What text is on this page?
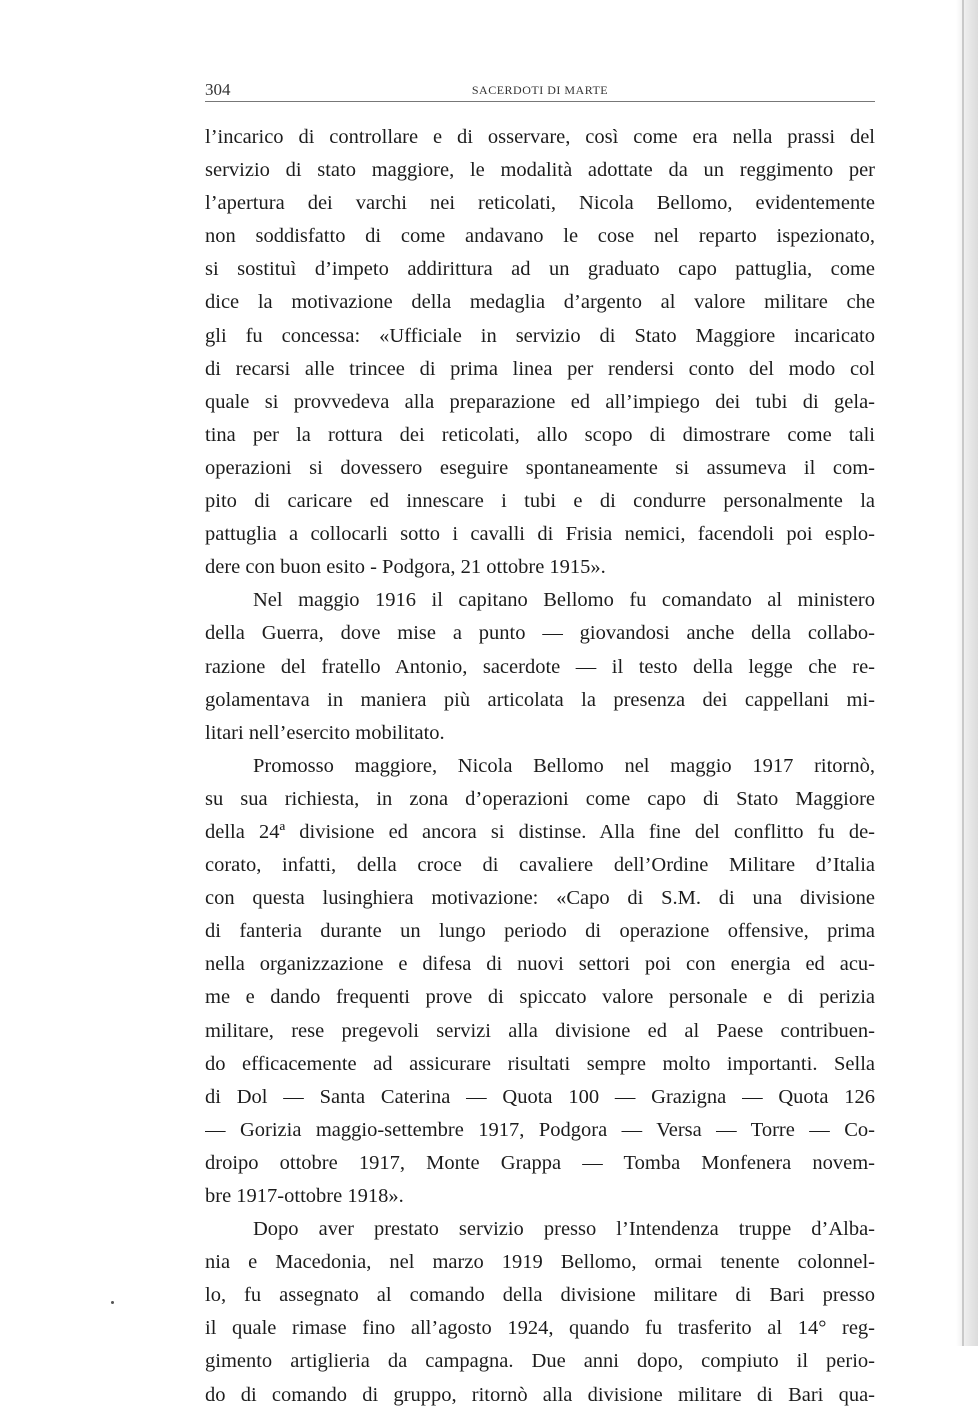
304	SACERDOTI DI MARTE
l’incarico di controllare e di osservare, così come era nella prassi del
servizio di stato maggiore, le modalità adottate da un reggimento per
l’apertura dei varchi nei reticolati, Nicola Bellomo, evidentemente
non soddisfatto di come andavano le cose nel reparto ispezionato,
si sostituì d’impeto addirittura ad un graduato capo pattuglia, come
dice la motivazione della medaglia d’argento al valore militare che
gli fu concessa: «Ufficiale in servizio di Stato Maggiore incaricato
di recarsi alle trincee di prima linea per rendersi conto del modo col
quale si provvedeva alla preparazione ed all’impiego dei tubi di gela-
tina per la rottura dei reticolati, allo scopo di dimostrare come tali
operazioni si dovessero eseguire spontaneamente si assumeva il com-
pito di caricare ed innescare i tubi e di condurre personalmente la
pattuglia a collocarli sotto i cavalli di Frisia nemici, facendoli poi esplo-
dere con buon esito - Podgora, 21 ottobre 1915».
Nel maggio 1916 il capitano Bellomo fu comandato al ministero
della Guerra, dove mise a punto — giovandosi anche della collabo-
razione del fratello Antonio, sacerdote — il testo della legge che re-
golamentava in maniera più articolata la presenza dei cappellani mi-
litari nell’esercito mobilitato.
Promosso maggiore, Nicola Bellomo nel maggio 1917 ritornò,
su sua richiesta, in zona d’operazioni come capo di Stato Maggiore
della 24ª divisione ed ancora si distinse. Alla fine del conflitto fu de-
corato, infatti, della croce di cavaliere dell’Ordine Militare d’Italia
con questa lusinghiera motivazione: «Capo di S.M. di una divisione
di fanteria durante un lungo periodo di operazione offensive, prima
nella organizzazione e difesa di nuovi settori poi con energia ed acu-
me e dando frequenti prove di spiccato valore personale e di perizia
militare, rese pregevoli servizi alla divisione ed al Paese contribuen-
do efficacemente ad assicurare risultati sempre molto importanti. Sella
di Dol — Santa Caterina — Quota 100 — Grazigna — Quota 126
— Gorizia maggio-settembre 1917, Podgora — Versa — Torre — Co-
droipo ottobre 1917, Monte Grappa — Tomba Monfenera novem-
bre 1917-ottobre 1918».
Dopo aver prestato servizio presso l’Intendenza truppe d’Alba-
nia e Macedonia, nel marzo 1919 Bellomo, ormai tenente colonnel-
lo, fu assegnato al comando della divisione militare di Bari presso
il quale rimase fino all’agosto 1924, quando fu trasferito al 14° reg-
gimento artiglieria da campagna. Due anni dopo, compiuto il perio-
do di comando di gruppo, ritornò alla divisione militare di Bari qua-
